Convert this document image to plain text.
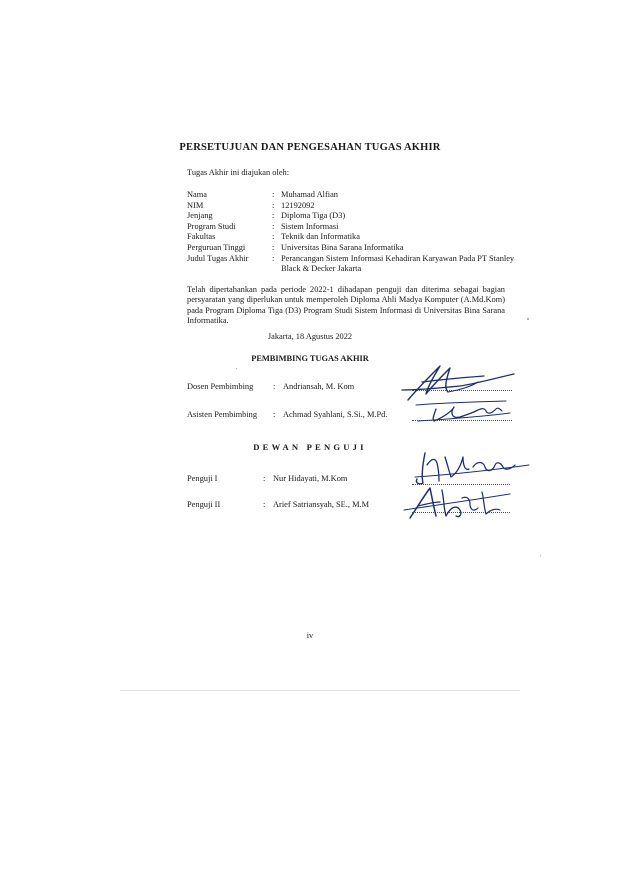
PERSETUJUAN DAN PENGESAHAN TUGAS AKHIR
Tugas Akhir ini diajukan oleh:
Nama	: Muhamad Alfian
NIM	: 12192092
Jenjang	: Diploma Tiga (D3)
Program Studi	: Sistem Informasi
Fakultas	: Teknik dan Informatika
Perguruan Tinggi	: Universitas Bina Sarana Informatika
Judul Tugas Akhir	: Perancangan Sistem Informasi Kehadiran Karyawan Pada PT Stanley Black & Decker Jakarta
Telah dipertahankan pada periode 2022-1 dihadapan penguji dan diterima sebagai bagian persyaratan yang diperlukan untuk memperoleh Diploma Ahli Madya Komputer (A.Md.Kom) pada Program Diploma Tiga (D3) Program Studi Sistem Informasi di Universitas Bina Sarana Informatika.
Jakarta, 18 Agustus 2022
PEMBIMBING TUGAS AKHIR
Dosen Pembimbing	: Andriansah, M. Kom
Asisten Pembimbing	: Achmad Syahlani, S.Si., M.Pd.
DEWAN PENGUJI
Penguji I	: Nur Hidayati, M.Kom
Penguji II	: Arief Satriansyah, SE., M.M
iv
